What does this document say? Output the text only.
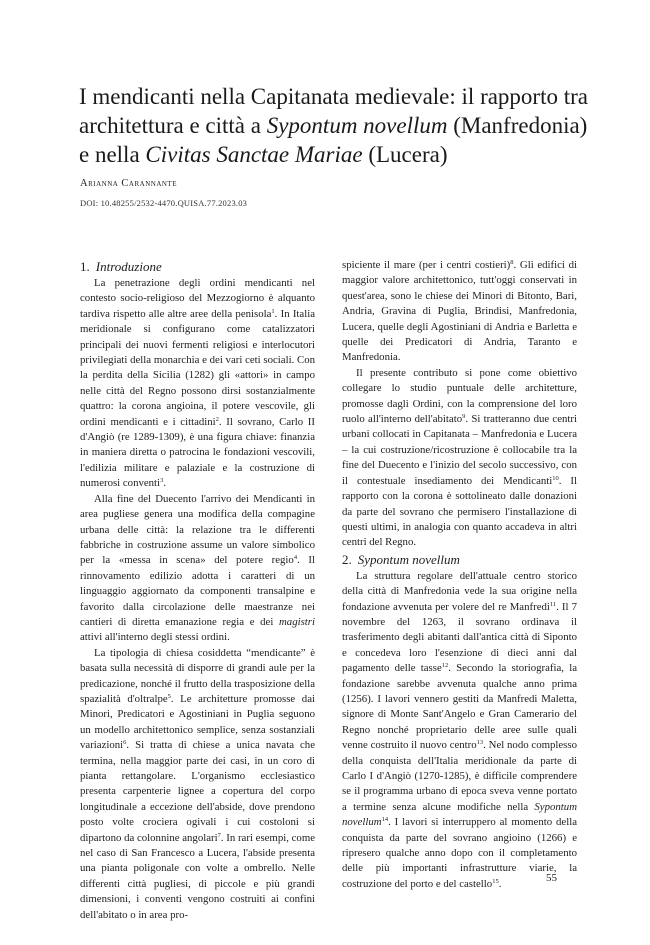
I mendicanti nella Capitanata medievale: il rapporto tra architettura e città a Sypontum novellum (Manfredonia) e nella Civitas Sanctae Mariae (Lucera)
Arianna Carannante
DOI: 10.48255/2532-4470.QUISA.77.2023.03

1. Introduzione

La penetrazione degli ordini mendicanti nel contesto socio-religioso del Mezzogiorno è alquanto tardiva rispetto alle altre aree della penisola$^1$. In Italia meridionale si configurano come catalizzatori principali dei nuovi fermenti religiosi e interlocutori privilegiati della monarchia e dei vari ceti sociali. Con la perdita della Sicilia (1282) gli «attori» in campo nelle città del Regno possono dirsi sostanzialmente quattro: la corona angioina, il potere vescovile, gli ordini mendicanti e i cittadini$^2$. Il sovrano, Carlo II d'Angiò (re 1289-1309), è una figura chiave: finanzia in maniera diretta o patrocina le fondazioni vescovili, l'edilizia militare e palaziale e la costruzione di numerosi conventi$^3$.

Alla fine del Duecento l'arrivo dei Mendicanti in area pugliese genera una modifica della compagine urbana delle città: la relazione tra le differenti fabbriche in costruzione assume un valore simbolico per la «messa in scena» del potere regio$^4$. Il rinnovamento edilizio adotta i caratteri di un linguaggio aggiornato da componenti transalpine e favorito dalla circolazione delle maestranze nei cantieri di diretta emanazione regia e dei magistri attivi all'interno degli stessi ordini.

La tipologia di chiesa cosiddetta “mendicante” è basata sulla necessità di disporre di grandi aule per la predicazione, nonché il frutto della trasposizione della spazialità d'oltralpe$^5$. Le architetture promosse dai Minori, Predicatori e Agostiniani in Puglia seguono un modello architettonico semplice, senza sostanziali variazioni$^6$. Si tratta di chiese a unica navata che termina, nella maggior parte dei casi, in un coro di pianta rettangolare. L'organismo ecclesiastico presenta carpenterie lignee a copertura del corpo longitudinale a eccezione dell'abside, dove prendono posto volte crociera ogivali i cui costoloni si dipartono da colonnine angolari$^7$. In rari esempi, come nel caso di San Francesco a Lucera, l'abside presenta una pianta poligonale con volte a ombrello. Nelle differenti città pugliesi, di piccole e più grandi dimensioni, i conventi vengono costruiti ai confini dell'abitato o in area pro-

spiciente il mare (per i centri costieri)$^8$. Gli edifici di maggior valore architettonico, tutt'oggi conservati in quest'area, sono le chiese dei Minori di Bitonto, Bari, Andria, Gravina di Puglia, Brindisi, Manfredonia, Lucera, quelle degli Agostiniani di Andria e Barletta e quelle dei Predicatori di Andria, Taranto e Manfredonia.

Il presente contributo si pone come obiettivo collegare lo studio puntuale delle architetture, promosse dagli Ordini, con la comprensione del loro ruolo all'interno dell'abitato$^9$. Si tratteranno due centri urbani collocati in Capitanata – Manfredonia e Lucera – la cui costruzione/ricostruzione è collocabile tra la fine del Duecento e l'inizio del secolo successivo, con il contestuale insediamento dei Mendicanti$^{10}$. Il rapporto con la corona è sottolineato dalle donazioni da parte del sovrano che permisero l'installazione di questi ultimi, in analogia con quanto accadeva in altri centri del Regno.

2. Sypontum novellum

La struttura regolare dell'attuale centro storico della città di Manfredonia vede la sua origine nella fondazione avvenuta per volere del re Manfredi$^{11}$. Il 7 novembre del 1263, il sovrano ordinava il trasferimento degli abitanti dall'antica città di Siponto e concedeva loro l'esenzione di dieci anni dal pagamento delle tasse$^{12}$. Secondo la storiografia, la fondazione sarebbe avvenuta qualche anno prima (1256). I lavori vennero gestiti da Manfredi Maletta, signore di Monte Sant'Angelo e Gran Camerario del Regno nonché proprietario delle aree sulle quali venne costruito il nuovo centro$^{13}$. Nel nodo complesso della conquista dell'Italia meridionale da parte di Carlo I d'Angiò (1270-1285), è difficile comprendere se il programma urbano di epoca sveva venne portato a termine senza alcune modifiche nella Sypontum novellum$^{14}$. I lavori si interruppero al momento della conquista da parte del sovrano angioino (1266) e ripresero qualche anno dopo con il completamento delle più importanti infrastrutture viarie, la costruzione del porto e del castello$^{15}$.	55
